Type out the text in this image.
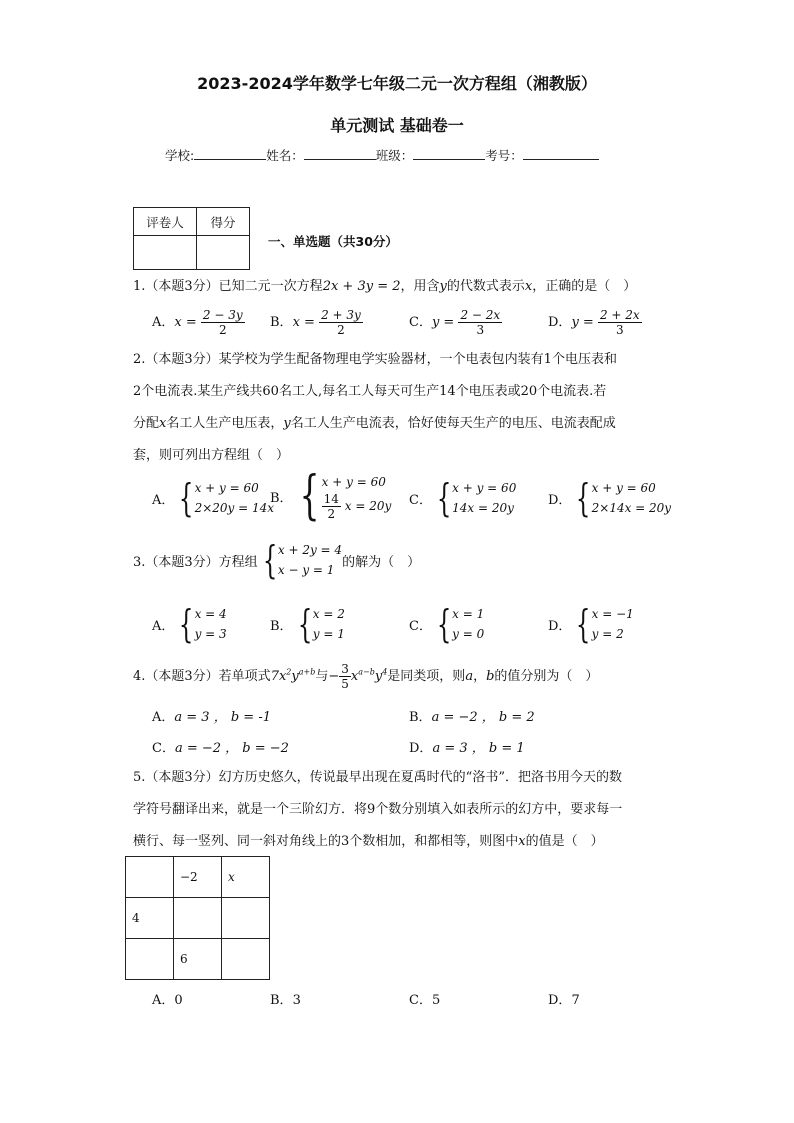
2023-2024学年数学七年级二元一次方程组（湘教版）
单元测试 基础卷一
学校:	姓名：	班级：	考号：
评卷人	得分

一、单选题（共30分）
1.（本题3分）已知二元一次方程2x + 3y = 2，用含y的代数式表示x，正确的是（　）
A．$x = \frac{2 - 3y}{2}$ B．$x = \frac{2 + 3y}{2}$	C．$y = \frac{2 - 2x}{3}$	D．$y = \frac{2 + 2x}{3}$
2.（本题3分）某学校为学生配备物理电学实验器材，一个电表包内装有1个电压表和
2个电流表.某生产线共60名工人,每名工人每天可生产14个电压表或20个电流表.若
分配x名工人生产电压表，y名工人生产电流表，恰好使每天生产的电压、电流表配成
套，则可列出方程组（　）
A． { x + y = 60
2×20y = 14x
B． { x + y = 60
$\frac{14}{2}$ x = 20y C． { x + y = 60
14x = 20y
D． { x + y = 60
2×14x = 20y
3.（本题3分）方程组 { x + 2y = 4
x − y = 1
的解为（　）
A． { x = 4
y = 3
B． { x = 2
y = 1
C． { x = 1
y = 0
D． { x = −1
y = 2
4.（本题3分）若单项式$7x^2y^{a+b}$与− $\frac{3}{5} x^{a-b}y^4$是同类项，则a，b的值分别为（　）
A．a = 3 ， b = -1	B．a = −2 ， b = 2
C．a = −2 ， b = −2	D．a = 3 ， b = 1
5.（本题3分）幻方历史悠久，传说最早出现在夏禹时代的“洛书”．把洛书用今天的数
学符号翻译出来，就是一个三阶幻方．将9个数分别填入如表所示的幻方中，要求每一
横行、每一竖列、同一斜对角线上的3个数相加，和都相等，则图中x的值是（　）
	−2	x
4		
	6	
A．0	B．3	C．5	D．7
